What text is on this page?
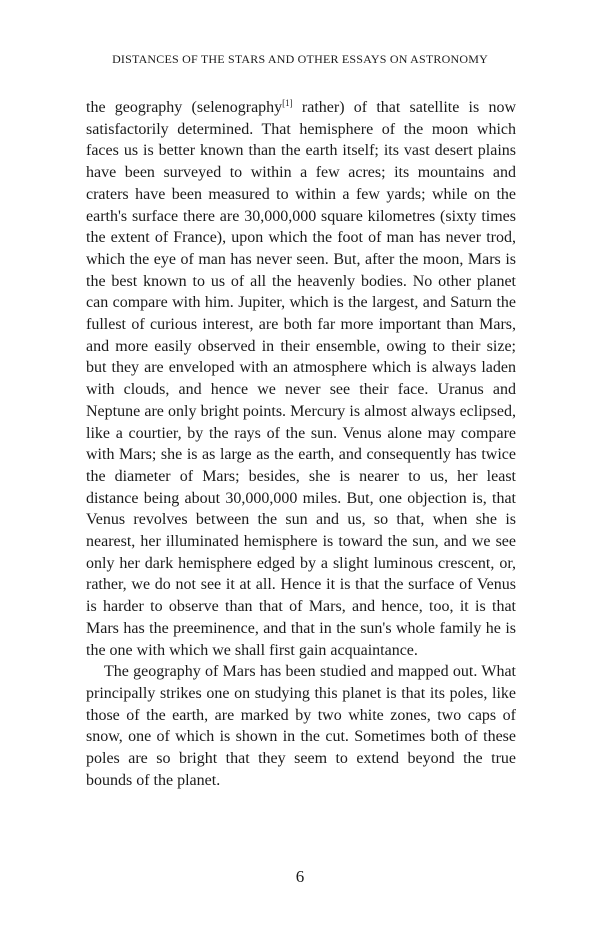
DISTANCES OF THE STARS AND OTHER ESSAYS ON ASTRONOMY

the geography (selenography[1] rather) of that satellite is now satisfactorily determined. That hemisphere of the moon which faces us is better known than the earth itself; its vast desert plains have been surveyed to within a few acres; its mountains and craters have been measured to within a few yards; while on the earth's surface there are 30,000,000 square kilometres (sixty times the extent of France), upon which the foot of man has never trod, which the eye of man has never seen. But, after the moon, Mars is the best known to us of all the heavenly bodies. No other planet can compare with him. Jupiter, which is the largest, and Saturn the fullest of curious interest, are both far more important than Mars, and more easily observed in their ensemble, owing to their size; but they are enveloped with an atmosphere which is always laden with clouds, and hence we never see their face. Uranus and Neptune are only bright points. Mercury is almost always eclipsed, like a courtier, by the rays of the sun. Venus alone may compare with Mars; she is as large as the earth, and consequently has twice the diameter of Mars; besides, she is nearer to us, her least distance being about 30,000,000 miles. But, one objection is, that Venus revolves between the sun and us, so that, when she is nearest, her illuminated hemisphere is toward the sun, and we see only her dark hemisphere edged by a slight luminous crescent, or, rather, we do not see it at all. Hence it is that the surface of Venus is harder to observe than that of Mars, and hence, too, it is that Mars has the preeminence, and that in the sun's whole family he is the one with which we shall first gain acquaintance.

The geography of Mars has been studied and mapped out. What principally strikes one on studying this planet is that its poles, like those of the earth, are marked by two white zones, two caps of snow, one of which is shown in the cut. Sometimes both of these poles are so bright that they seem to extend beyond the true bounds of the planet.

6
